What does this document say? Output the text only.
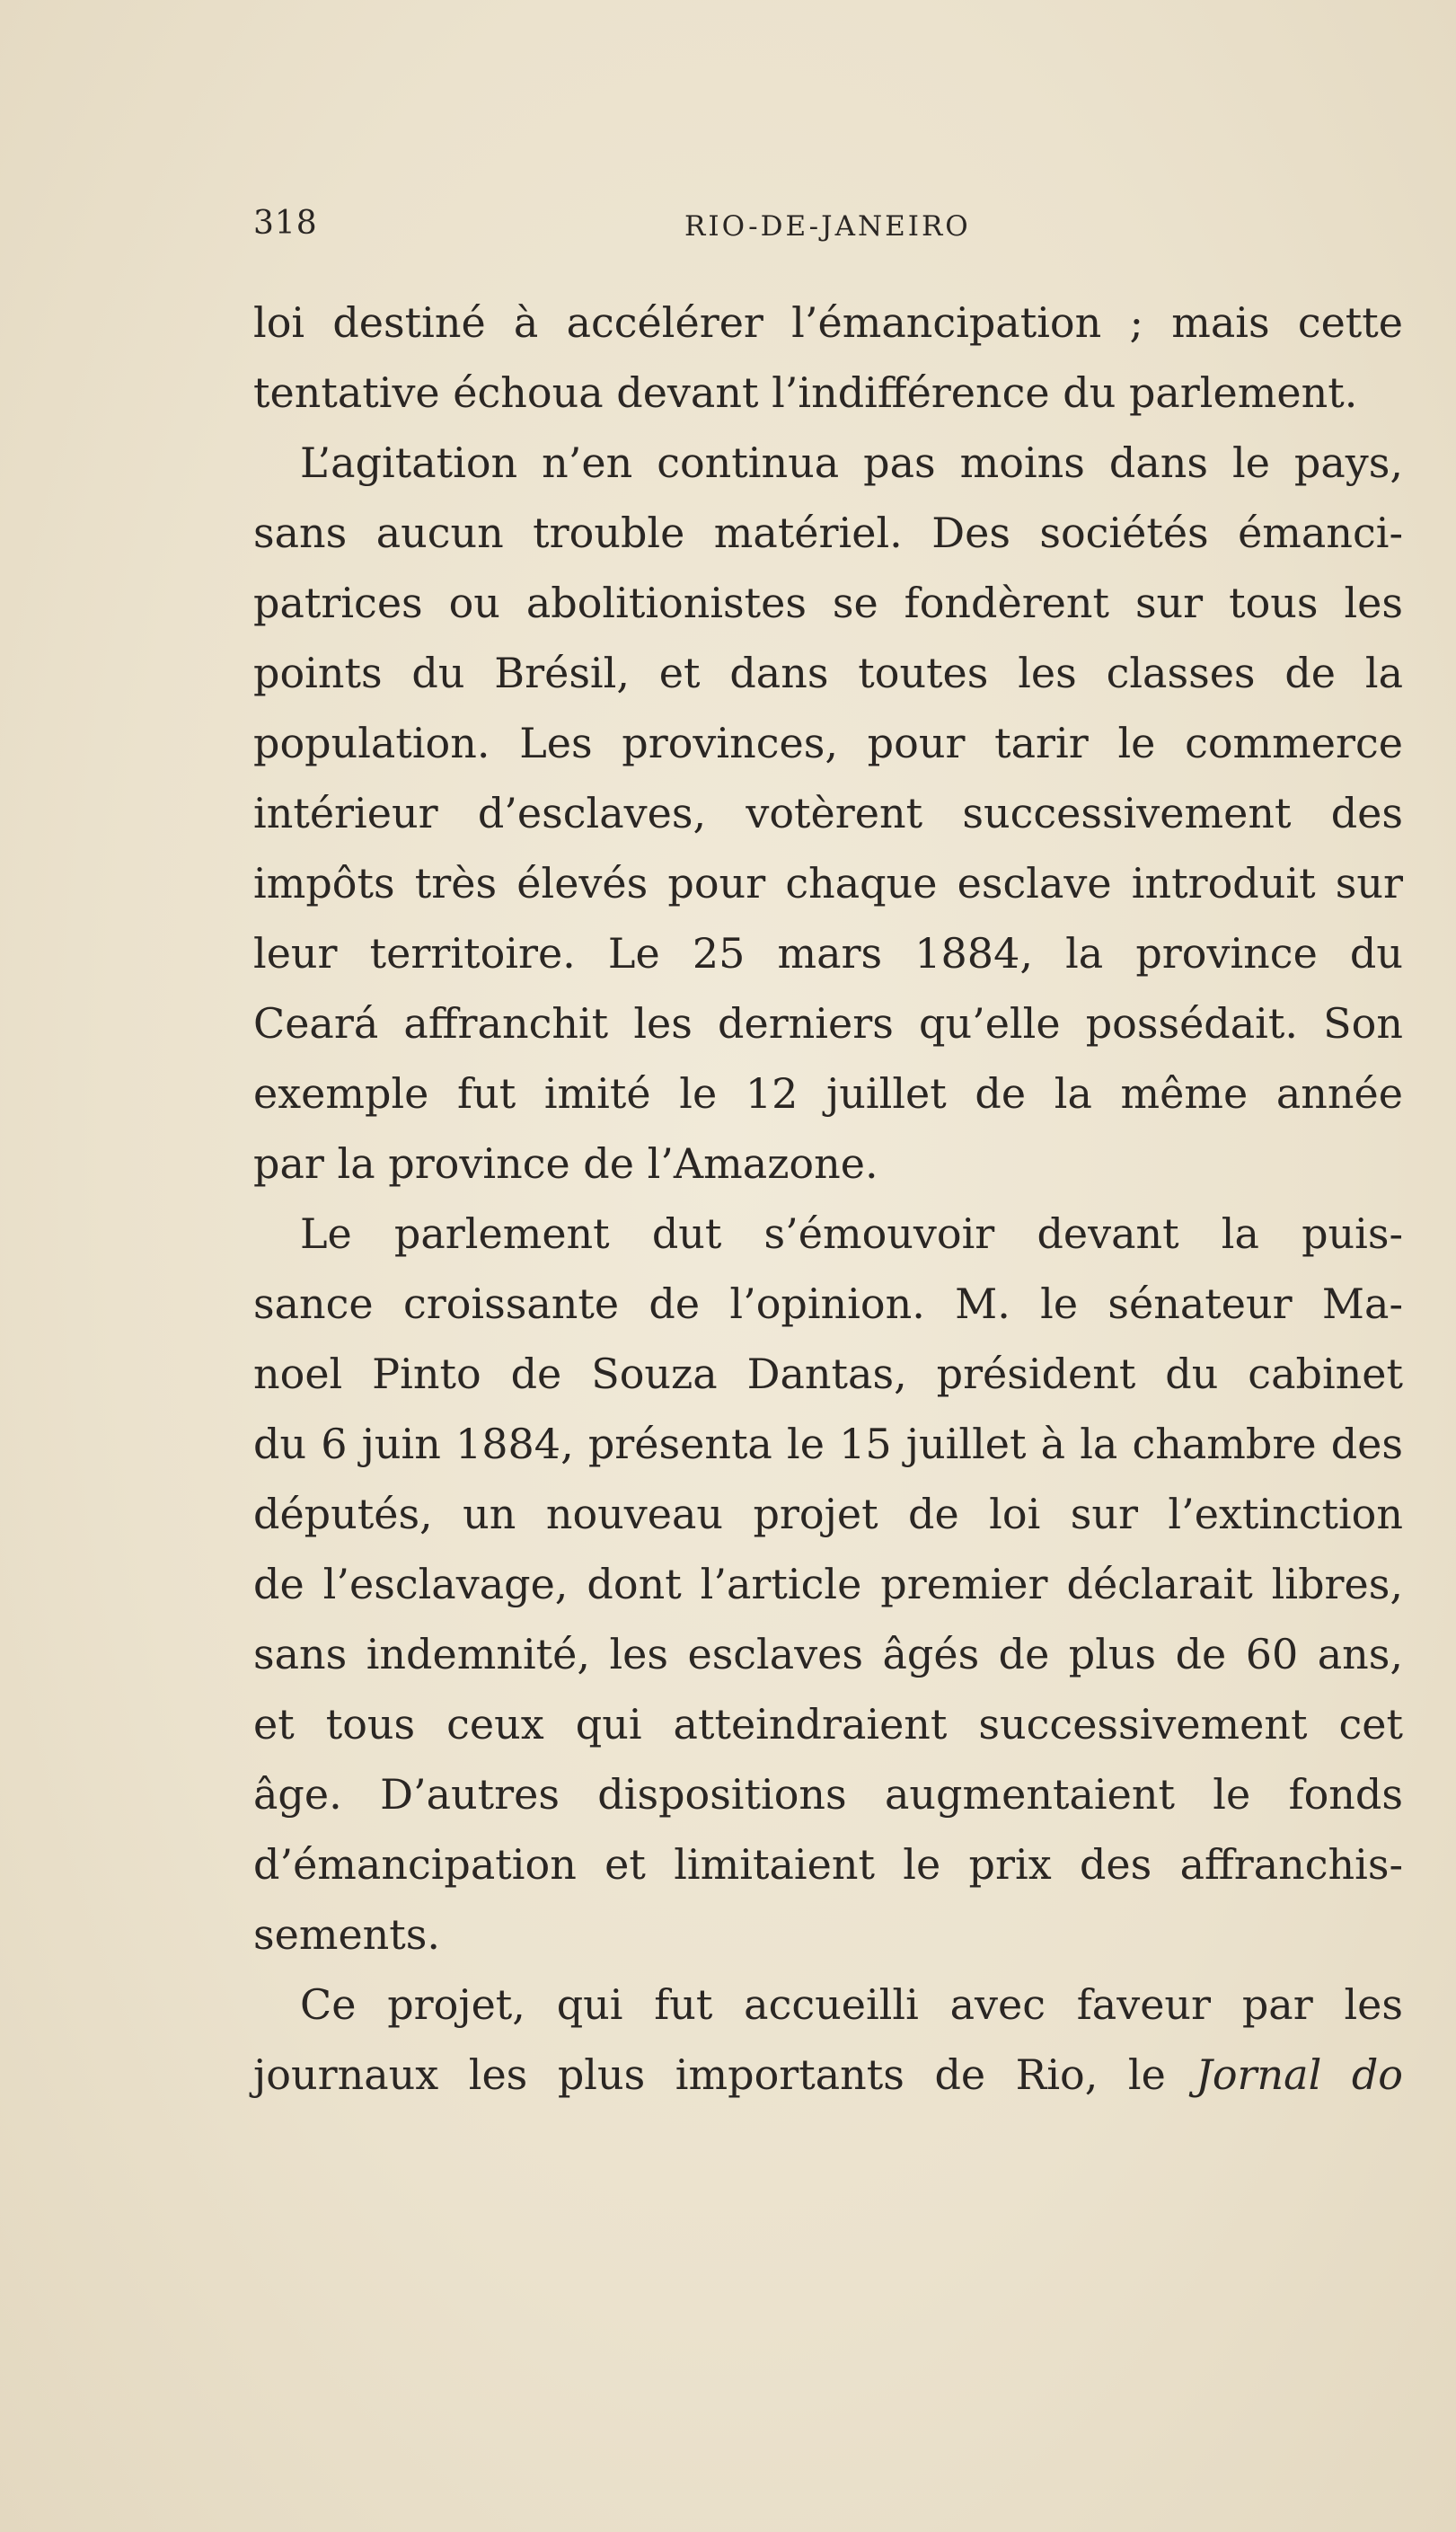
318	RIO-DE-JANEIRO
loi destiné à accélérer l’émancipation ; mais cette
tentative échoua devant l’indifférence du parlement.
L’agitation n’en continua pas moins dans le pays,
sans aucun trouble matériel. Des sociétés émanci-
patrices ou abolitionistes se fondèrent sur tous les
points du Brésil, et dans toutes les classes de la
population. Les provinces, pour tarir le commerce
intérieur d’esclaves, votèrent successivement des
impôts très élevés pour chaque esclave introduit sur
leur territoire. Le 25 mars 1884, la province du
Ceará affranchit les derniers qu’elle possédait. Son
exemple fut imité le 12 juillet de la même année
par la province de l’Amazone.
Le parlement dut s’émouvoir devant la puis-
sance croissante de l’opinion. M. le sénateur Ma-
noel Pinto de Souza Dantas, président du cabinet
du 6 juin 1884, présenta le 15 juillet à la chambre des
députés, un nouveau projet de loi sur l’extinction
de l’esclavage, dont l’article premier déclarait libres,
sans indemnité, les esclaves âgés de plus de 60 ans,
et tous ceux qui atteindraient successivement cet
âge. D’autres dispositions augmentaient le fonds
d’émancipation et limitaient le prix des affranchis-
sements.
Ce projet, qui fut accueilli avec faveur par les
journaux les plus importants de Rio, le Jornal do
